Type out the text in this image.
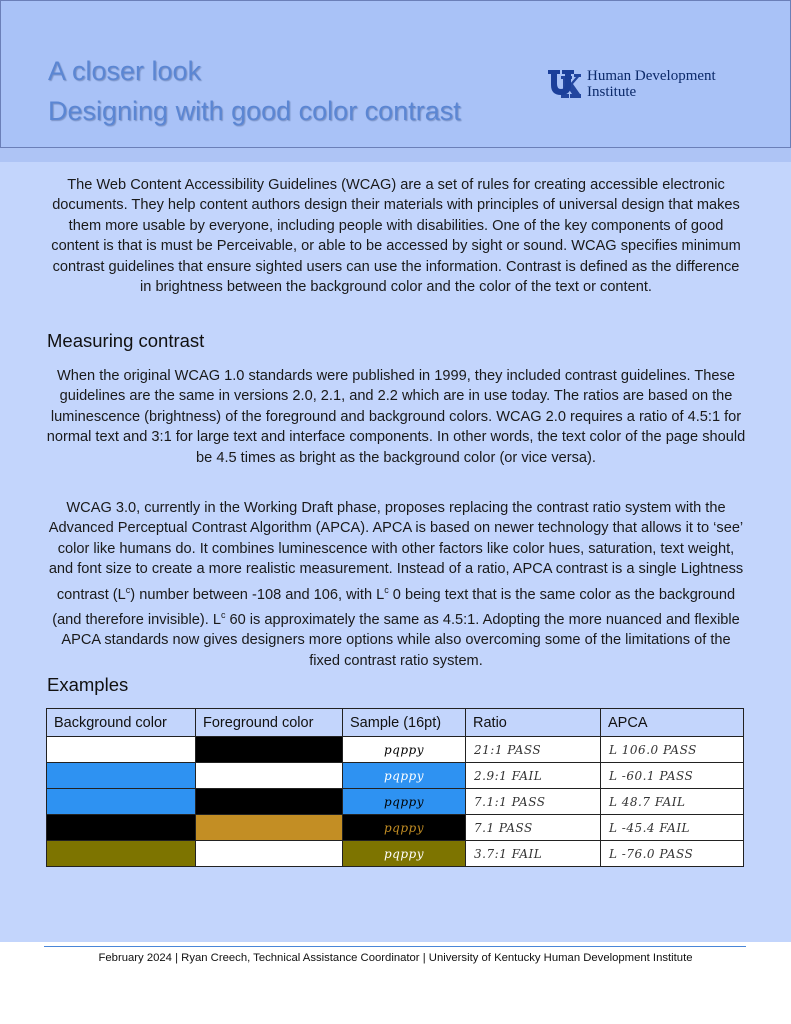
A closer look
Designing with good color contrast
Human Development
Institute

The Web Content Accessibility Guidelines (WCAG) are a set of rules for creating accessible electronic documents. They help content authors design their materials with principles of universal design that makes them more usable by everyone, including people with disabilities. One of the key components of good content is that is must be Perceivable, or able to be accessed by sight or sound. WCAG specifies minimum contrast guidelines that ensure sighted users can use the information. Contrast is defined as the difference in brightness between the background color and the color of the text or content.

Measuring contrast

When the original WCAG 1.0 standards were published in 1999, they included contrast guidelines. These guidelines are the same in versions 2.0, 2.1, and 2.2 which are in use today. The ratios are based on the luminescence (brightness) of the foreground and background colors. WCAG 2.0 requires a ratio of 4.5:1 for normal text and 3:1 for large text and interface components. In other words, the text color of the page should be 4.5 times as bright as the background color (or vice versa).

WCAG 3.0, currently in the Working Draft phase, proposes replacing the contrast ratio system with the Advanced Perceptual Contrast Algorithm (APCA). APCA is based on newer technology that allows it to ‘see’ color like humans do. It combines luminescence with other factors like color hues, saturation, text weight, and font size to create a more realistic measurement. Instead of a ratio, APCA contrast is a single Lightness contrast $(L^c)$ number between -108 and 106, with $L^c$ 0 being text that is the same color as the background (and therefore invisible). $L^c$ 60 is approximately the same as 4.5:1. Adopting the more nuanced and flexible APCA standards now gives designers more options while also overcoming some of the limitations of the fixed contrast ratio system.

Examples
Background color	Foreground color	Sample (16pt)	Ratio	APCA
		pqppy	21:1 PASS	L 106.0 PASS
		pqppy	2.9:1 FAIL	L -60.1 PASS
		pqppy	7.1:1 PASS	L 48.7 FAIL
		pqppy	7.1 PASS	L -45.4 FAIL
		pqppy	3.7:1 FAIL	L -76.0 PASS
February 2024 | Ryan Creech, Technical Assistance Coordinator | University of Kentucky Human Development Institute
